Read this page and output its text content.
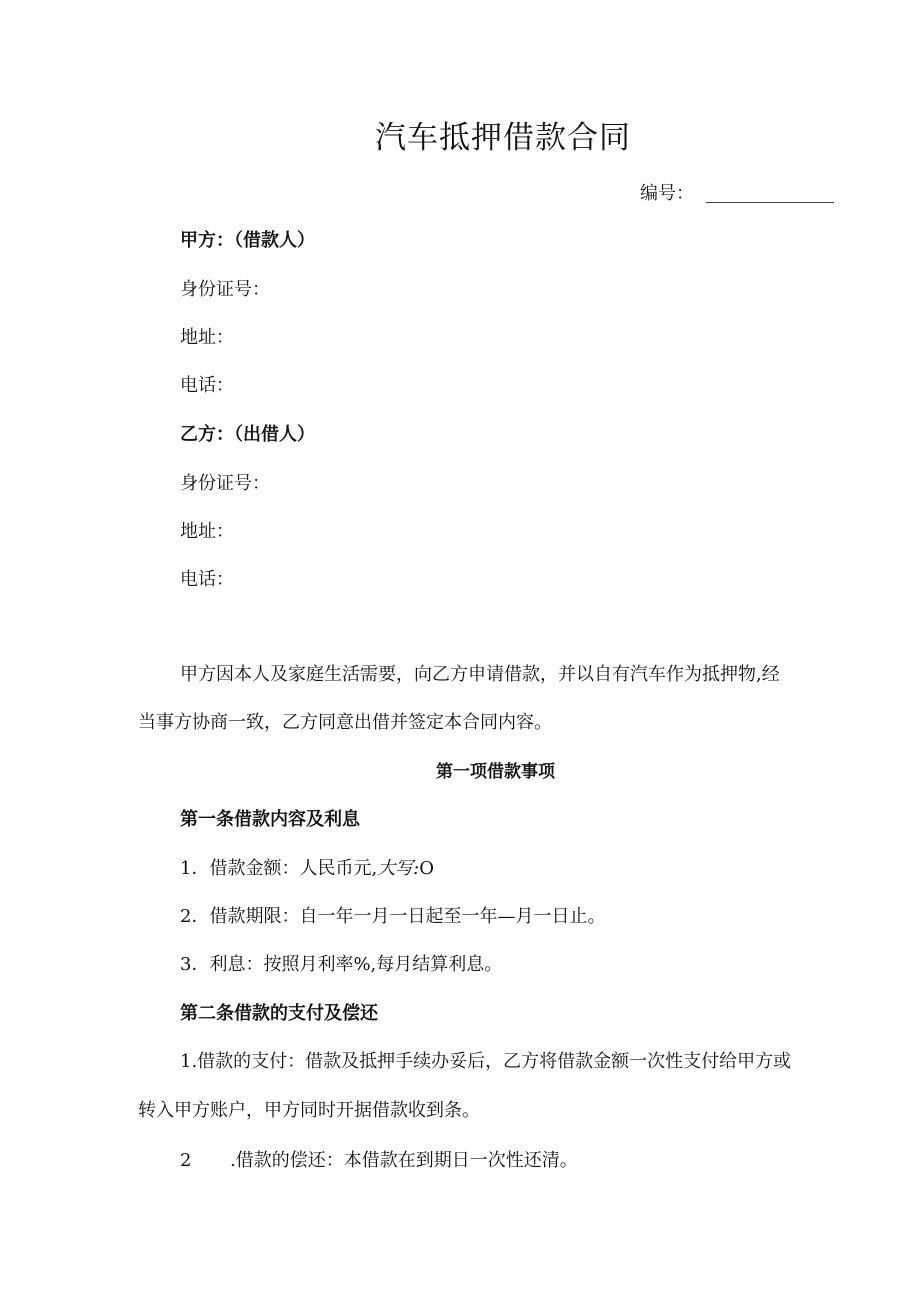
汽车抵押借款合同
编号：
甲方：（借款人）
身份证号：
地址：
电话：
乙方：（出借人）
身份证号：
地址：
电话：
甲方因本人及家庭生活需要，向乙方申请借款，并以自有汽车作为抵押物,经
当事方协商一致，乙方同意出借并签定本合同内容。
第一项借款事项
第一条借款内容及利息
1．借款金额：人民币元,大写:O
2．借款期限：自一年一月一日起至一年—月一日止。
3．利息：按照月利率%,每月结算利息。
第二条借款的支付及偿还
1.借款的支付：借款及抵押手续办妥后，乙方将借款金额一次性支付给甲方或
转入甲方账户，甲方同时开据借款收到条。
2 .借款的偿还：本借款在到期日一次性还清。
